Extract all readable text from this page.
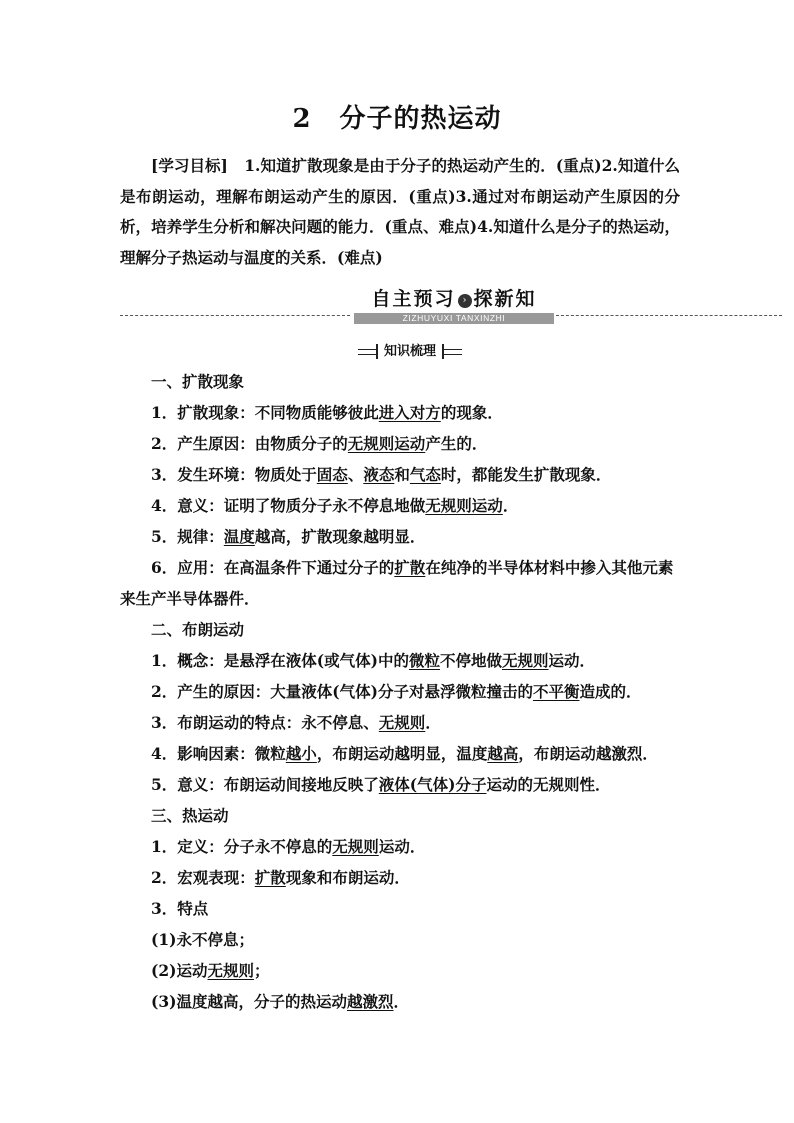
2 分子的热运动
[学习目标] 1.知道扩散现象是由于分子的热运动产生的．(重点)2.知道什么是布朗运动，理解布朗运动产生的原因．(重点)3.通过对布朗运动产生原因的分析，培养学生分析和解决问题的能力．(重点、难点)4.知道什么是分子的热运动，理解分子热运动与温度的关系．(难点)
自主预习 › 探新知
ZIZHUYUXI TANXINZHI
知识梳理

一、扩散现象

1．扩散现象：不同物质能够彼此进入对方的现象．

2．产生原因：由物质分子的无规则运动产生的．

3．发生环境：物质处于固态、液态和气态时，都能发生扩散现象．

4．意义：证明了物质分子永不停息地做无规则运动．

5．规律：温度越高，扩散现象越明显．

6．应用：在高温条件下通过分子的扩散在纯净的半导体材料中掺入其他元素来生产半导体器件．

二、布朗运动

1．概念：是悬浮在液体(或气体)中的微粒不停地做无规则运动．

2．产生的原因：大量液体(气体)分子对悬浮微粒撞击的不平衡造成的．

3．布朗运动的特点：永不停息、无规则．

4．影响因素：微粒越小，布朗运动越明显，温度越高，布朗运动越激烈．

5．意义：布朗运动间接地反映了液体(气体)分子运动的无规则性．

三、热运动

1．定义：分子永不停息的无规则运动．

2．宏观表现：扩散现象和布朗运动．

3．特点

(1)永不停息；

(2)运动无规则；

(3)温度越高，分子的热运动越激烈．
